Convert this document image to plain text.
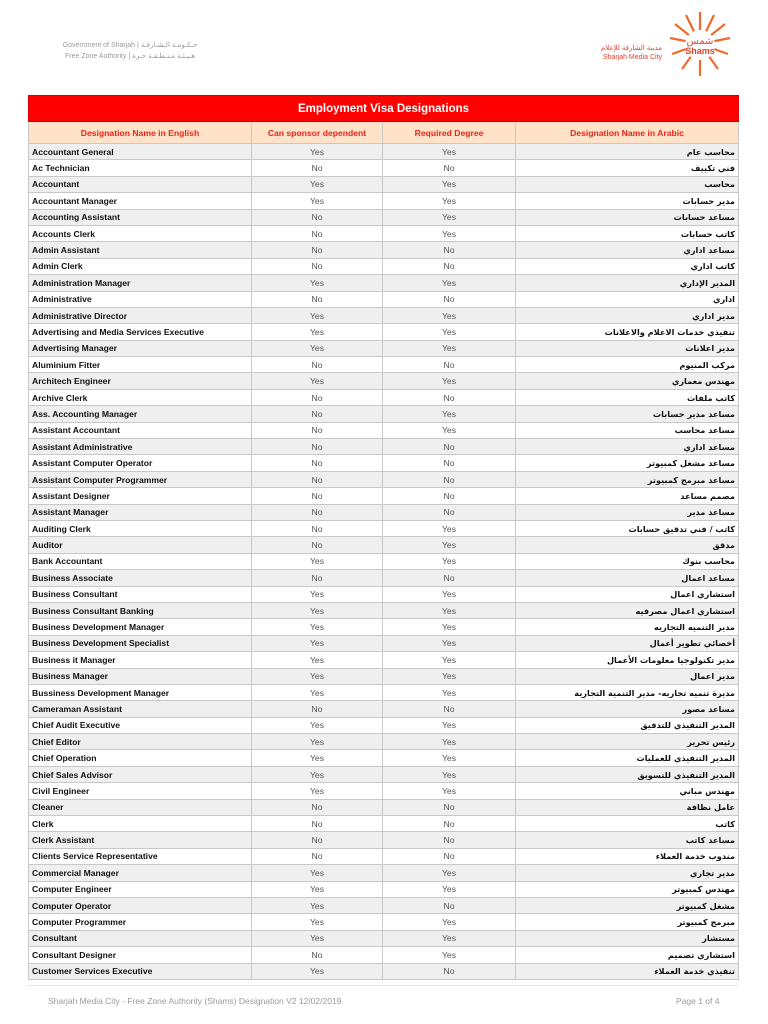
Government of Sharjah | حـكـومـة الـشـارقـة
Free Zone Authority | هـيـئـة مـنـطـقـة حـرة
مدينة الشارقة للإعلام
Sharjah Media City
شمس
Shams
Employment Visa Designations			
Designation Name in English	Can sponsor dependent	Required Degree	Designation Name in Arabic
Accountant General	Yes	Yes	محاسب عام
Ac Technician	No	No	فني تكييف
Accountant	Yes	Yes	محاسب
Accountant Manager	Yes	Yes	مدير حسابات
Accounting Assistant	No	Yes	مساعد حسابات
Accounts Clerk	No	Yes	كاتب حسابات
Admin Assistant	No	No	مساعد اداري
Admin Clerk	No	No	كاتب اداري
Administration Manager	Yes	Yes	المدير الإداري
Administrative	No	No	اداري
Administrative Director	Yes	Yes	مدير اداري
Advertising and Media Services Executive	Yes	Yes	تنفيذي خدمات الاعلام والاعلانات
Advertising Manager	Yes	Yes	مدير اعلانات
Aluminium Fitter	No	No	مركب المنيوم
Architech Engineer	Yes	Yes	مهندس معماري
Archive Clerk	No	No	كاتب ملفات
Ass. Accounting Manager	No	Yes	مساعد مدير حسابات
Assistant Accountant	No	Yes	مساعد محاسب
Assistant Administrative	No	No	مساعد اداري
Assistant Computer Operator	No	No	مساعد مشغل كمبيوتر
Assistant Computer Programmer	No	No	مساعد مبرمج كمبيوتر
Assistant Designer	No	No	مصمم مساعد
Assistant Manager	No	No	مساعد مدير
Auditing Clerk	No	Yes	كاتب / فني تدقيق حسابات
Auditor	No	Yes	مدقق
Bank Accountant	Yes	Yes	محاسب بنوك
Business Associate	No	No	مساعد اعمال
Business Consultant	Yes	Yes	استشاري اعمال
Business Consultant Banking	Yes	Yes	استشاري اعمال مصرفيه
Business Development Manager	Yes	Yes	مدير التنميه التجاريه
Business Development Specialist	Yes	Yes	أخصائي تطوير أعمال
Business it Manager	Yes	Yes	مدير تكنولوجيا معلومات الأعمال
Business Manager	Yes	Yes	مدير اعمال
Bussiness Development Manager	Yes	Yes	مديرة تنميه تجاريه- مدير التنمية التجارية
Cameraman Assistant	No	No	مساعد مصور
Chief Audit Executive	Yes	Yes	المدير التنفيذي للتدقيق
Chief Editor	Yes	Yes	رئيس تحرير
Chief Operation	Yes	Yes	المدير التنفيذي للعمليات
Chief Sales Advisor	Yes	Yes	المدير التنفيذي للتسويق
Civil Engineer	Yes	Yes	مهندس مباني
Cleaner	No	No	عامل نظافة
Clerk	No	No	كاتب
Clerk Assistant	No	No	مساعد كاتب
Clients Service Representative	No	No	مندوب خدمة العملاء
Commercial Manager	Yes	Yes	مدير تجاري
Computer Engineer	Yes	Yes	مهندس كمبيوتر
Computer Operator	Yes	No	مشغل كمبيوتر
Computer Programmer	Yes	Yes	مبرمج كمبيوتر
Consultant	Yes	Yes	مستشار
Consultant Designer	No	Yes	استشاري تصميم
Customer Services Executive	Yes	No	تنفيذي خدمة العملاء
Sharjah Media City - Free Zone Authority (Shams) Designation V2 12/02/2019	Page 1 of 4
